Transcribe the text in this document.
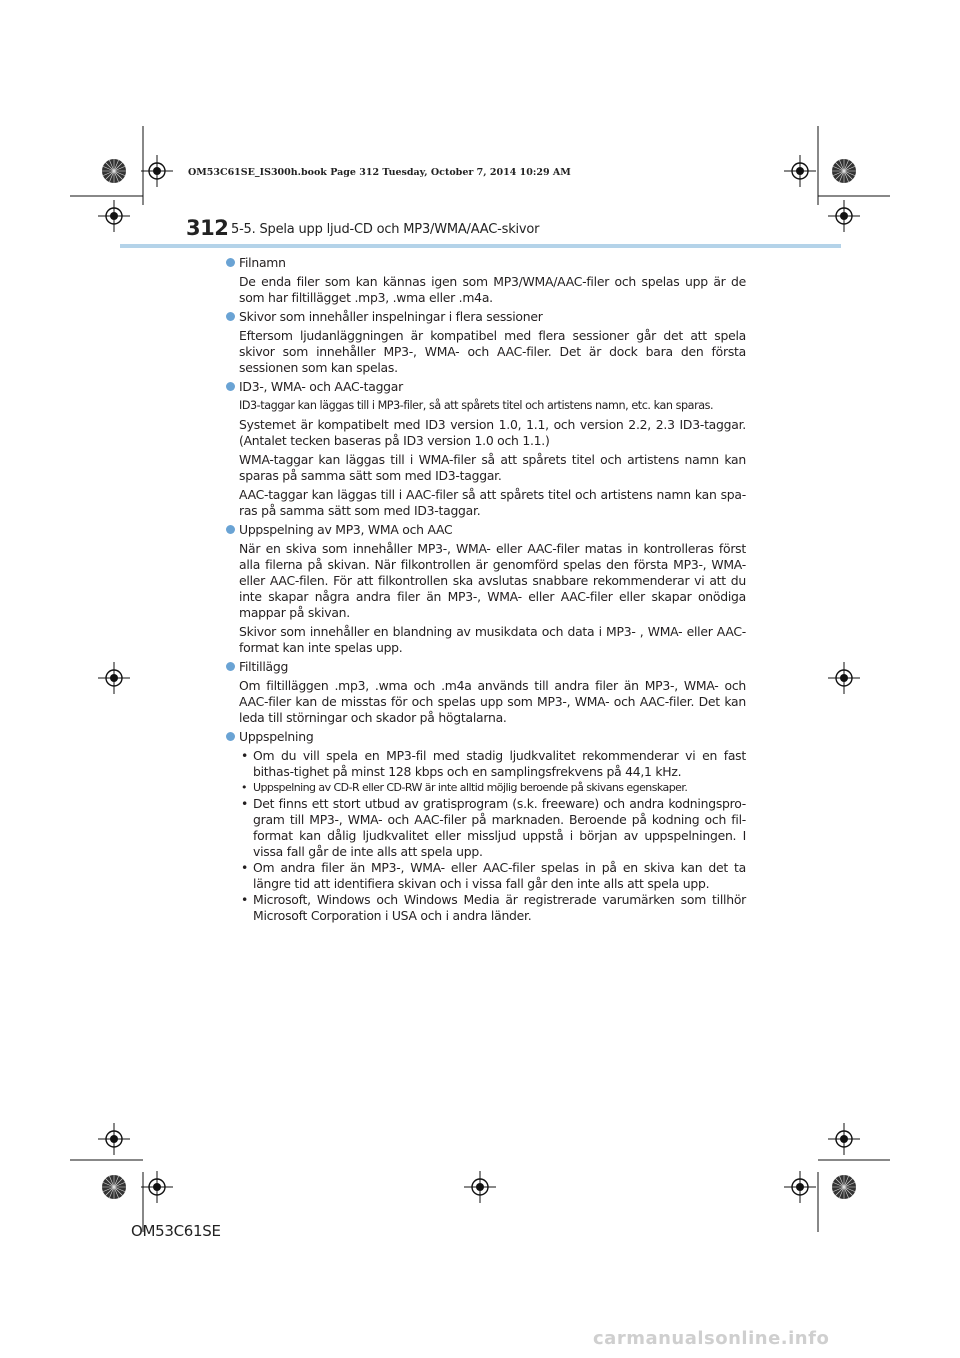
OM53C61SE_IS300h.book Page 312 Tuesday, October 7, 2014 10:29 AM
312 5-5. Spela upp ljud-CD och MP3/WMA/AAC-skivor
Filnamn

De enda filer som kan kännas igen som MP3/WMA/AAC-filer och spelas upp är de som har filtillägget .mp3, .wma eller .m4a.

Skivor som innehåller inspelningar i flera sessioner

Eftersom ljudanläggningen är kompatibel med flera sessioner går det att spela skivor som innehåller MP3-, WMA- och AAC-filer. Det är dock bara den första sessionen som kan spelas.

ID3-, WMA- och AAC-taggar

ID3-taggar kan läggas till i MP3-filer, så att spårets titel och artistens namn, etc. kan sparas.

Systemet är kompatibelt med ID3 version 1.0, 1.1, och version 2.2, 2.3 ID3-taggar. (Antalet tecken baseras på ID3 version 1.0 och 1.1.)

WMA-taggar kan läggas till i WMA-filer så att spårets titel och artistens namn kan sparas på samma sätt som med ID3-taggar.

AAC-taggar kan läggas till i AAC-filer så att spårets titel och artistens namn kan spa-ras på samma sätt som med ID3-taggar.

Uppspelning av MP3, WMA och AAC

När en skiva som innehåller MP3-, WMA- eller AAC-filer matas in kontrolleras först alla filerna på skivan. När filkontrollen är genomförd spelas den första MP3-, WMA- eller AAC-filen. För att filkontrollen ska avslutas snabbare rekommenderar vi att du inte skapar några andra filer än MP3-, WMA- eller AAC-filer eller skapar onödiga mappar på skivan.

Skivor som innehåller en blandning av musikdata och data i MP3- , WMA- eller AAC-format kan inte spelas upp.

Filtillägg

Om filtilläggen .mp3, .wma och .m4a används till andra filer än MP3-, WMA- och AAC-filer kan de misstas för och spelas upp som MP3-, WMA- och AAC-filer. Det kan leda till störningar och skador på högtalarna.

Uppspelning

• Om du vill spela en MP3-fil med stadig ljudkvalitet rekommenderar vi en fast bithas-tighet på minst 128 kbps och en samplingsfrekvens på 44,1 kHz.

• Uppspelning av CD-R eller CD-RW är inte alltid möjlig beroende på skivans egenskaper.

• Det finns ett stort utbud av gratisprogram (s.k. freeware) och andra kodningspro-gram till MP3-, WMA- och AAC-filer på marknaden. Beroende på kodning och fil-format kan dålig ljudkvalitet eller missljud uppstå i början av uppspelningen. I vissa fall går de inte alls att spela upp.

• Om andra filer än MP3-, WMA- eller AAC-filer spelas in på en skiva kan det ta längre tid att identifiera skivan och i vissa fall går den inte alls att spela upp.

• Microsoft, Windows och Windows Media är registrerade varumärken som tillhör Microsoft Corporation i USA och i andra länder.

OM53C61SE
carmanualsonline.info
